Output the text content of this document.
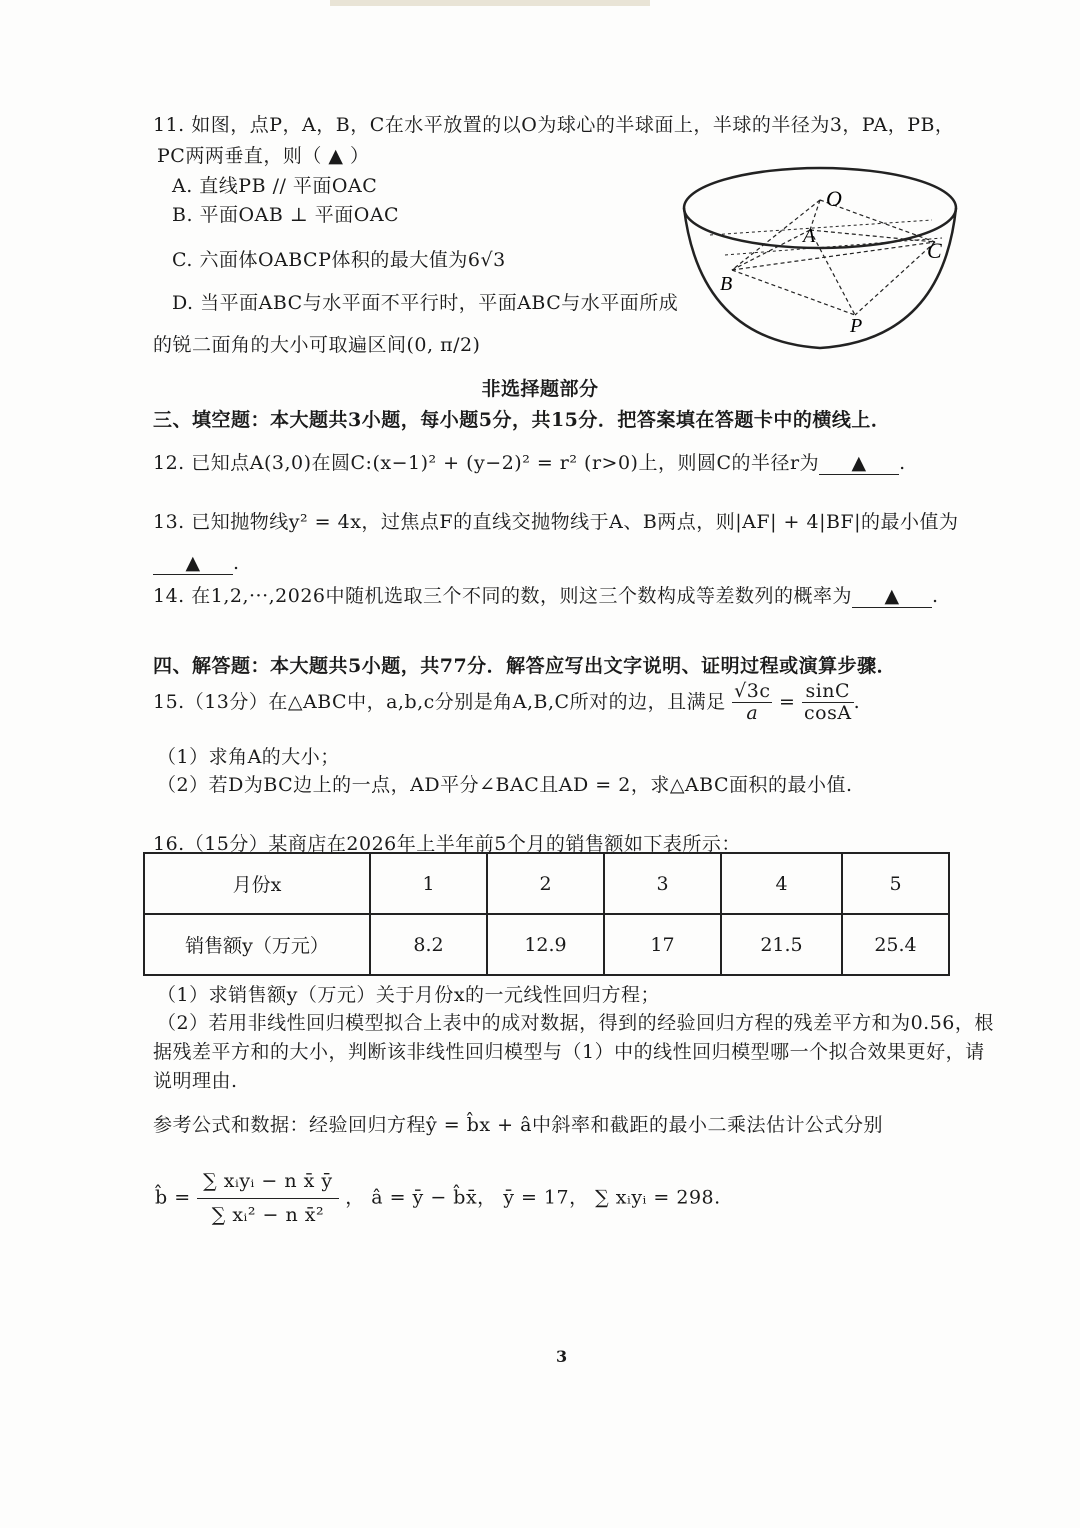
11. 如图，点P，A，B，C在水平放置的以O为球心的半球面上，半球的半径为3，PA，PB，
PC两两垂直，则（ ▲ ）
A. 直线PB // 平面OAC
B. 平面OAB ⊥ 平面OAC
C. 六面体OABCP体积的最大值为6√3
D. 当平面ABC与水平面不平行时，平面ABC与水平面所成
的锐二面角的大小可取遍区间(0, π/2)
O
A
B
C
P
非选择题部分
三、填空题：本大题共3小题，每小题5分，共15分．把答案填在答题卡中的横线上．
12. 已知点A(3,0)在圆C:(x−1)² + (y−2)² = r² (r>0)上，则圆C的半径r为 ▲ .
13. 已知抛物线y² = 4x，过焦点F的直线交抛物线于A、B两点，则|AF| + 4|BF|的最小值为
▲ .
14. 在1,2,···,2026中随机选取三个不同的数，则这三个数构成等差数列的概率为 ▲ .
四、解答题：本大题共5小题，共77分．解答应写出文字说明、证明过程或演算步骤．
15.（13分）在△ABC中，a,b,c分别是角A,B,C所对的边，且满足 $\frac{√3c}{a} = \frac{\sin C}{\cos A}$ .
（1）求角A的大小；
（2）若D为BC边上的一点，AD平分∠BAC且AD = 2，求△ABC面积的最小值.
16.（15分）某商店在2026年上半年前5个月的销售额如下表所示：
月份x	1	2	3	4	5
销售额y（万元）	8.2	12.9	17	21.5	25.4
（1）求销售额y（万元）关于月份x的一元线性回归方程；
（2）若用非线性回归模型拟合上表中的成对数据，得到的经验回归方程的残差平方和为0.56，根
据残差平方和的大小，判断该非线性回归模型与（1）中的线性回归模型哪一个拟合效果更好，请
说明理由.
参考公式和数据：经验回归方程ŷ = b̂x + â中斜率和截距的最小二乘法估计公式分别
b̂ = $\frac{\text{∑ xᵢyᵢ − n x̄ ȳ}}{\text{∑ xᵢ² − n x̄²}}$ ， â = ȳ − b̂x̄， ȳ = 17， ∑ xᵢyᵢ = 298.
3
